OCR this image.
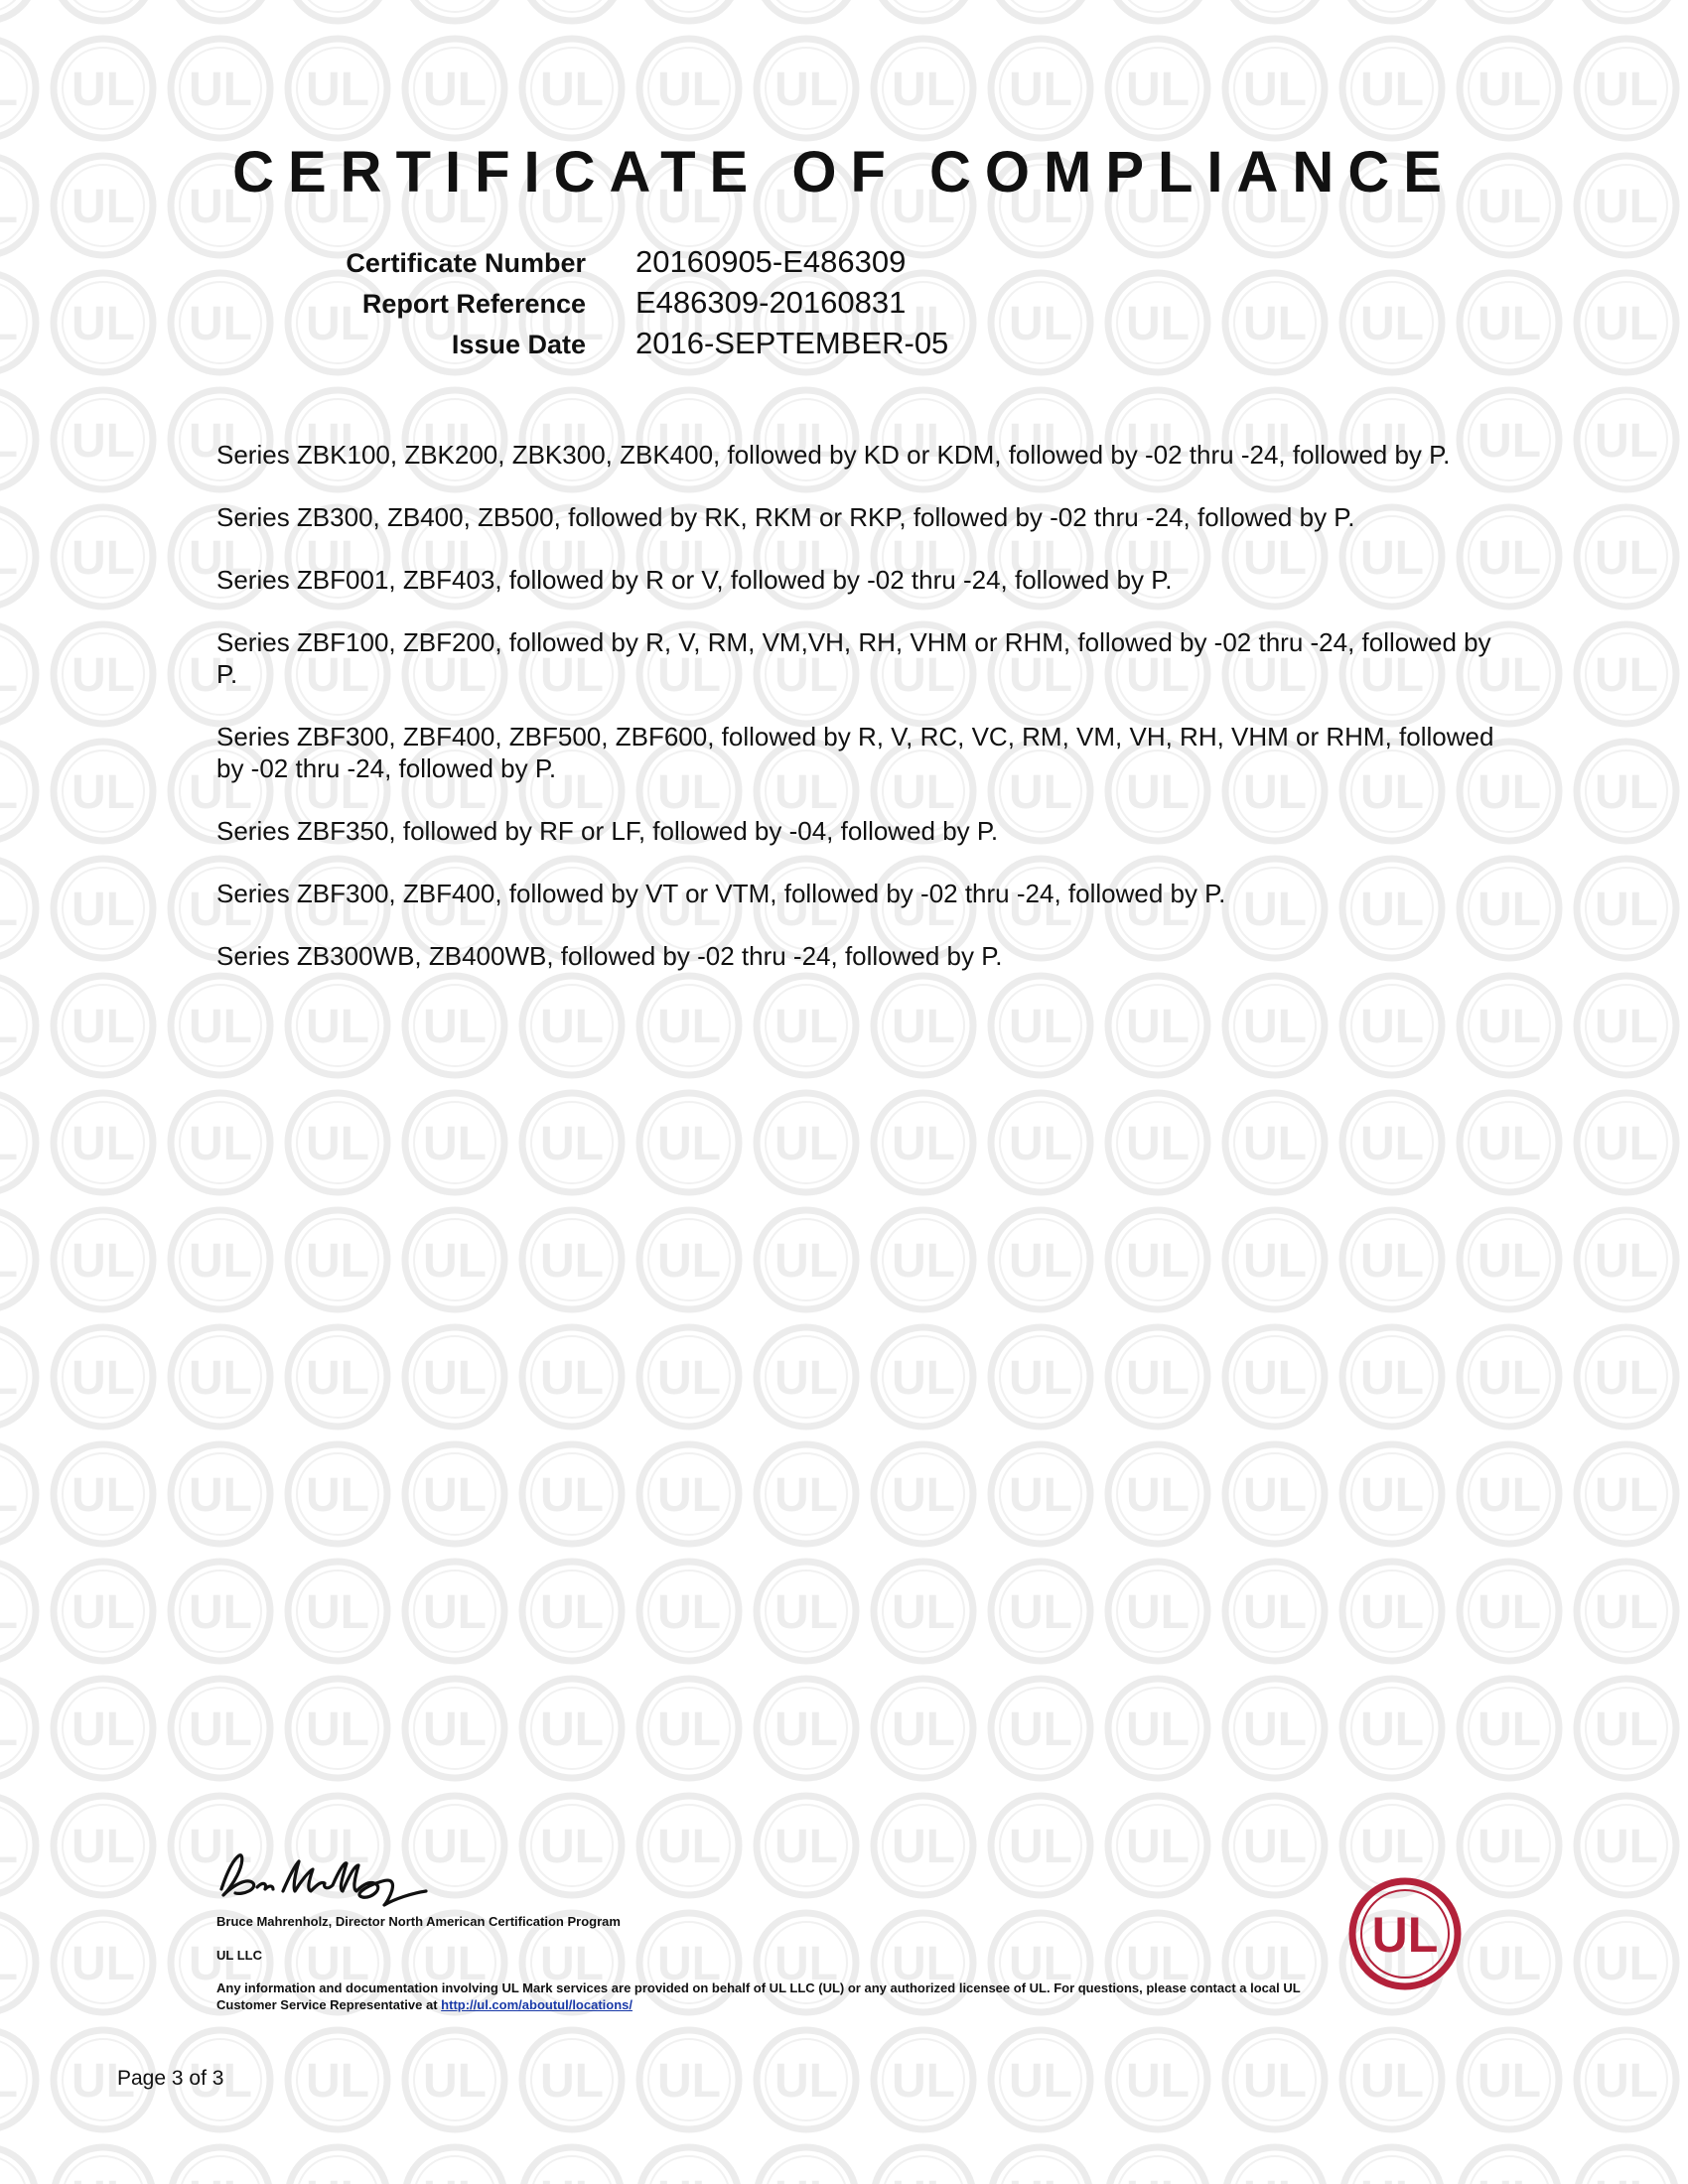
CERTIFICATE OF COMPLIANCE
Certificate Number	20160905-E486309
Report Reference	E486309-20160831
Issue Date	2016-SEPTEMBER-05

Series ZBK100, ZBK200, ZBK300, ZBK400, followed by KD or KDM, followed by -02 thru -24, followed by P.

Series ZB300, ZB400, ZB500, followed by RK, RKM or RKP, followed by -02 thru -24, followed by P.

Series ZBF001, ZBF403, followed by R or V, followed by -02 thru -24, followed by P.

Series ZBF100, ZBF200, followed by R, V, RM, VM,VH, RH, VHM or RHM, followed by -02 thru -24, followed by P.

Series ZBF300, ZBF400, ZBF500, ZBF600, followed by R, V, RC, VC, RM, VM, VH, RH, VHM or RHM, followed by -02 thru -24, followed by P.

Series ZBF350, followed by RF or LF, followed by -04, followed by P.

Series ZBF300, ZBF400, followed by VT or VTM, followed by -02 thru -24, followed by P.

Series ZB300WB, ZB400WB, followed by -02 thru -24, followed by P.

Bruce Mahrenholz, Director North American Certification Program
UL LLC
Any information and documentation involving UL Mark services are provided on behalf of UL LLC (UL) or any authorized licensee of UL. For questions, please contact a local UL Customer Service Representative at http://ul.com/aboutul/locations/
UL
Page 3 of 3
